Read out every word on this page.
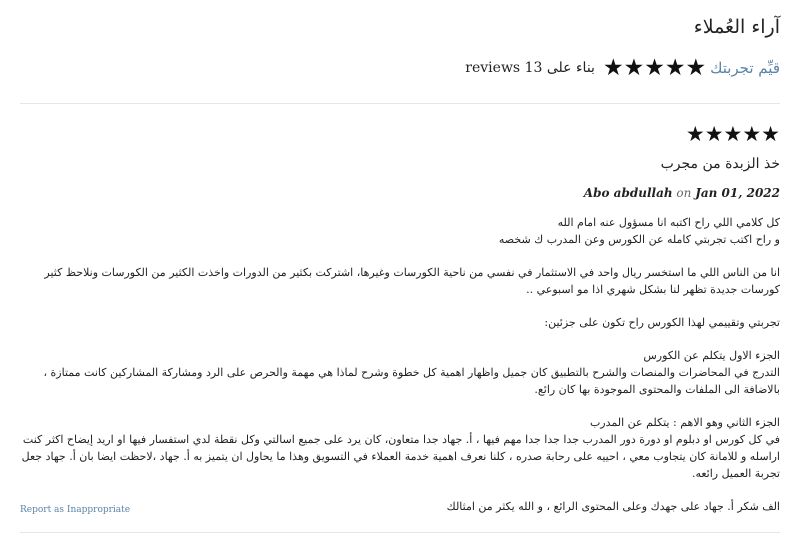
آراء العُملاء
قيِّم تجربتك
★
★
★
★
★
بناء على 13 reviews
★
★
★
★
★
خذ الزبدة من مجرب
Abo abdullah on Jan 01, 2022

كل كلامي اللي راح اكتبه انا مسؤول عنه امام الله
و راح اكتب تجربتي كامله عن الكورس وعن المدرب ك شخصه

انا من الناس اللي ما استخسر ريال واحد في الاستثمار في نفسي من ناحية الكورسات وغيرها، اشتركت بكثير من الدورات واخذت الكثير من الكورسات ونلاحظ كثير كورسات جديدة تظهر لنا بشكل شهري اذا مو اسبوعي ..

تجربتي وتقييمي لهذا الكورس راح تكون على جزئين:

الجزء الاول يتكلم عن الكورس
التدرج في المحاضرات والمنصات والشرح بالتطبيق كان جميل واظهار اهمية كل خطوة وشرح لماذا هي مهمة والحرص على الرد ومشاركة المشاركين كانت ممتازة ، بالاضافة الى الملفات والمحتوى الموجودة بها كان رائع.

الجزء الثاني وهو الاهم : يتكلم عن المدرب
في كل كورس او دبلوم او دورة دور المدرب جدا جدا جدا مهم فيها ، أ. جهاد جدا متعاون، كان يرد على جميع اسالتي وكل نقطة لدي استفسار فيها او اريد إيضاح اكثر كنت اراسله و للامانة كان يتجاوب معي ، احييه على رحابة صدره ، كلنا نعرف اهمية خدمة العملاء في التسويق وهذا ما يحاول ان يتميز به أ. جهاد ،لاحظت ايضا بان أ. جهاد جعل تجربة العميل رائعه.

الف شكر أ. جهاد على جهدك وعلى المحتوى الرائع ، و الله يكثر من امثالك

Report as Inappropriate
